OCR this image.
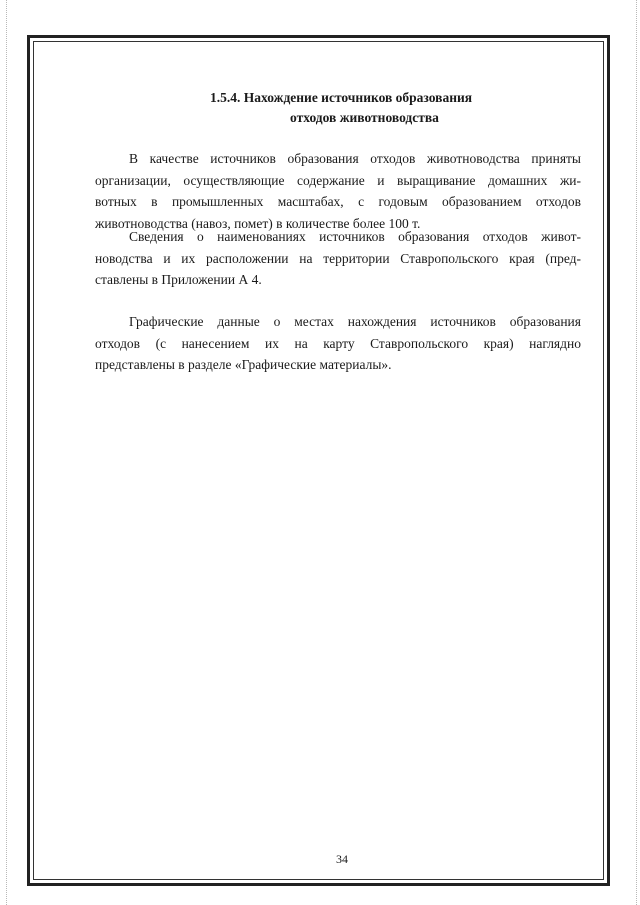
1.5.4. Нахождение источников образования
отходов животноводства
В качестве источников образования отходов животноводства приняты
организации, осуществляющие содержание и выращивание домашних жи-
вотных в промышленных масштабах, с годовым образованием отходов
животноводства (навоз, помет) в количестве более 100 т.
Сведения о наименованиях источников образования отходов живот-
новодства и их расположении на территории Ставропольского края (пред-
ставлены в Приложении А 4.
Графические данные о местах нахождения источников образования
отходов (с нанесением их на карту Ставропольского края) наглядно
представлены в разделе «Графические материалы».
34
